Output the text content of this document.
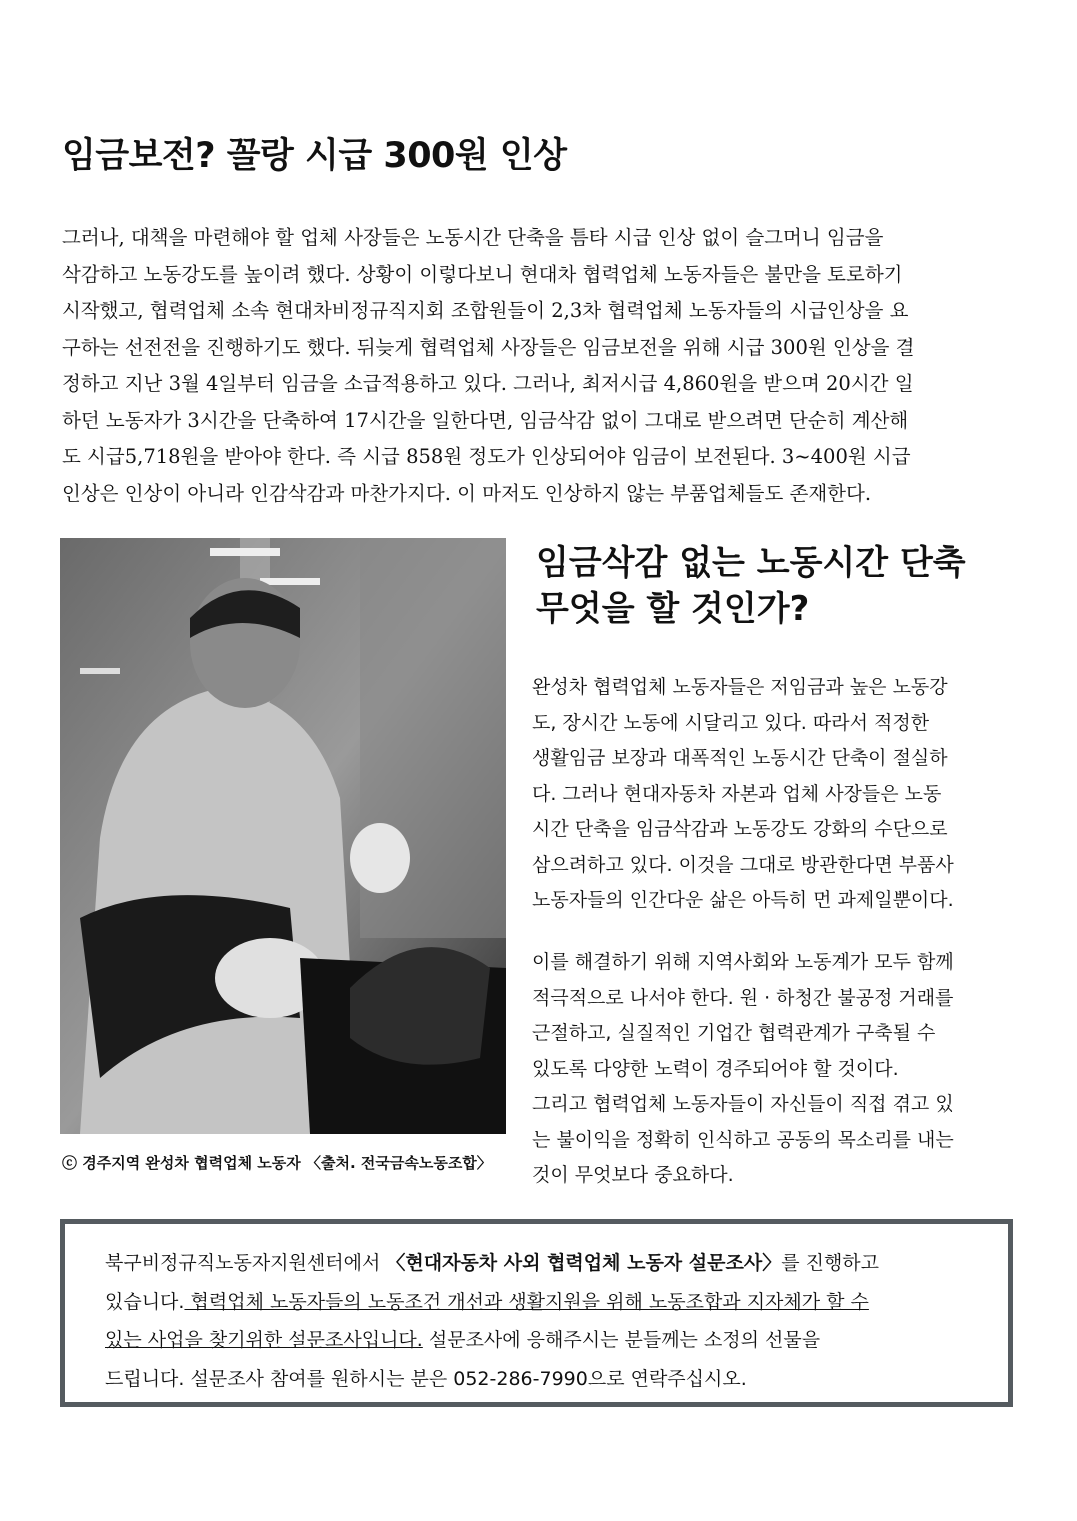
임금보전? 꼴랑 시급 300원 인상
그러나, 대책을 마련해야 할 업체 사장들은 노동시간 단축을 틈타 시급 인상 없이 슬그머니 임금을
삭감하고 노동강도를 높이려 했다. 상황이 이렇다보니 현대차 협력업체 노동자들은 불만을 토로하기
시작했고, 협력업체 소속 현대차비정규직지회 조합원들이 2,3차 협력업체 노동자들의 시급인상을 요
구하는 선전전을 진행하기도 했다. 뒤늦게 협력업체 사장들은 임금보전을 위해 시급 300원 인상을 결
정하고 지난 3월 4일부터 임금을 소급적용하고 있다. 그러나, 최저시급 4,860원을 받으며 20시간 일
하던 노동자가 3시간을 단축하여 17시간을 일한다면, 임금삭감 없이 그대로 받으려면 단순히 계산해
도 시급5,718원을 받아야 한다. 즉 시급 858원 정도가 인상되어야 임금이 보전된다. 3~400원 시급
인상은 인상이 아니라 인감삭감과 마찬가지다. 이 마저도 인상하지 않는 부품업체들도 존재한다.
ⓒ 경주지역 완성차 협력업체 노동자 〈출처. 전국금속노동조합〉
임금삭감 없는 노동시간 단축
무엇을 할 것인가?
완성차 협력업체 노동자들은 저임금과 높은 노동강
도, 장시간 노동에 시달리고 있다. 따라서 적정한
생활임금 보장과 대폭적인 노동시간 단축이 절실하
다. 그러나 현대자동차 자본과 업체 사장들은 노동
시간 단축을 임금삭감과 노동강도 강화의 수단으로
삼으려하고 있다. 이것을 그대로 방관한다면 부품사
노동자들의 인간다운 삶은 아득히 먼 과제일뿐이다.
이를 해결하기 위해 지역사회와 노동계가 모두 함께
적극적으로 나서야 한다. 원 · 하청간 불공정 거래를
근절하고, 실질적인 기업간 협력관계가 구축될 수
있도록 다양한 노력이 경주되어야 할 것이다.
그리고 협력업체 노동자들이 자신들이 직접 겪고 있
는 불이익을 정확히 인식하고 공동의 목소리를 내는
것이 무엇보다 중요하다.
북구비정규직노동자지원센터에서 〈현대자동차 사외 협력업체 노동자 설문조사〉를 진행하고
있습니다. 협력업체 노동자들의 노동조건 개선과 생활지원을 위해 노동조합과 지자체가 할 수
있는 사업을 찾기위한 설문조사입니다. 설문조사에 응해주시는 분들께는 소정의 선물을
드립니다. 설문조사 참여를 원하시는 분은 052-286-7990으로 연락주십시오.
